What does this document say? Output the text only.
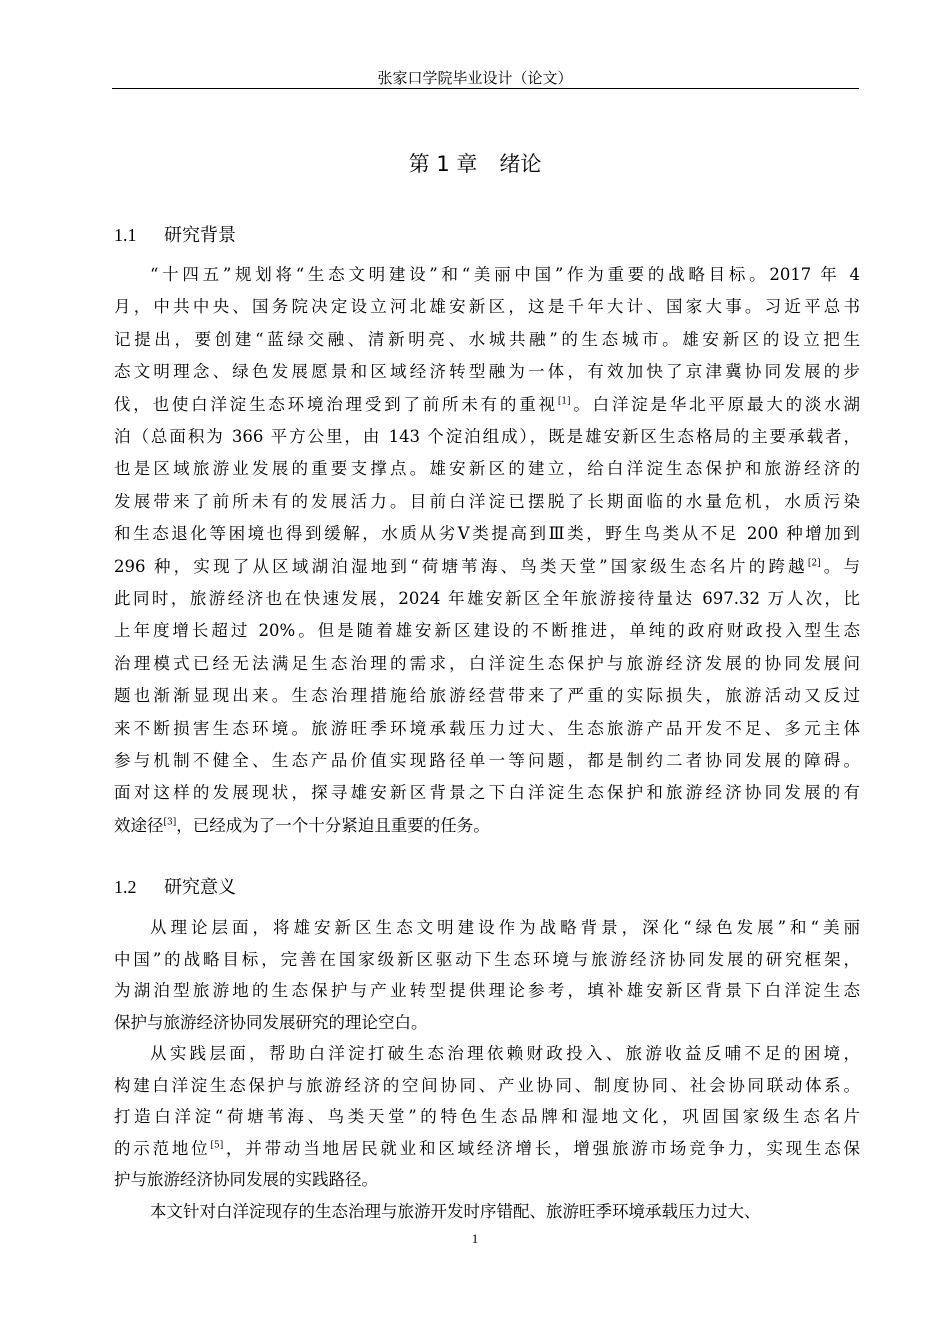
张家口学院毕业设计（论文）
第 1 章 绪论
1.1 研究背景
“十四五”规划将“生态文明建设”和“美丽中国”作为重要的战略目标。2017 年 4
月，中共中央、国务院决定设立河北雄安新区，这是千年大计、国家大事。习近平总书
记提出，要创建“蓝绿交融、清新明亮、水城共融”的生态城市。雄安新区的设立把生
态文明理念、绿色发展愿景和区域经济转型融为一体，有效加快了京津冀协同发展的步
伐，也使白洋淀生态环境治理受到了前所未有的重视[1]。白洋淀是华北平原最大的淡水湖
泊（总面积为 366 平方公里，由 143 个淀泊组成），既是雄安新区生态格局的主要承载者，
也是区域旅游业发展的重要支撑点。雄安新区的建立，给白洋淀生态保护和旅游经济的
发展带来了前所未有的发展活力。目前白洋淀已摆脱了长期面临的水量危机，水质污染
和生态退化等困境也得到缓解，水质从劣Ⅴ类提高到Ⅲ类，野生鸟类从不足 200 种增加到
296 种，实现了从区域湖泊湿地到“荷塘苇海、鸟类天堂”国家级生态名片的跨越[2]。与
此同时，旅游经济也在快速发展，2024 年雄安新区全年旅游接待量达 697.32 万人次，比
上年度增长超过 20%。但是随着雄安新区建设的不断推进，单纯的政府财政投入型生态
治理模式已经无法满足生态治理的需求，白洋淀生态保护与旅游经济发展的协同发展问
题也渐渐显现出来。生态治理措施给旅游经营带来了严重的实际损失，旅游活动又反过
来不断损害生态环境。旅游旺季环境承载压力过大、生态旅游产品开发不足、多元主体
参与机制不健全、生态产品价值实现路径单一等问题，都是制约二者协同发展的障碍。
面对这样的发展现状，探寻雄安新区背景之下白洋淀生态保护和旅游经济协同发展的有
效途径[3]，已经成为了一个十分紧迫且重要的任务。
1.2 研究意义
从理论层面，将雄安新区生态文明建设作为战略背景，深化“绿色发展”和“美丽
中国”的战略目标，完善在国家级新区驱动下生态环境与旅游经济协同发展的研究框架，
为湖泊型旅游地的生态保护与产业转型提供理论参考，填补雄安新区背景下白洋淀生态
保护与旅游经济协同发展研究的理论空白。
从实践层面，帮助白洋淀打破生态治理依赖财政投入、旅游收益反哺不足的困境，
构建白洋淀生态保护与旅游经济的空间协同、产业协同、制度协同、社会协同联动体系。
打造白洋淀“荷塘苇海、鸟类天堂”的特色生态品牌和湿地文化，巩固国家级生态名片
的示范地位[5]，并带动当地居民就业和区域经济增长，增强旅游市场竞争力，实现生态保
护与旅游经济协同发展的实践路径。
本文针对白洋淀现存的生态治理与旅游开发时序错配、旅游旺季环境承载压力过大、
1
